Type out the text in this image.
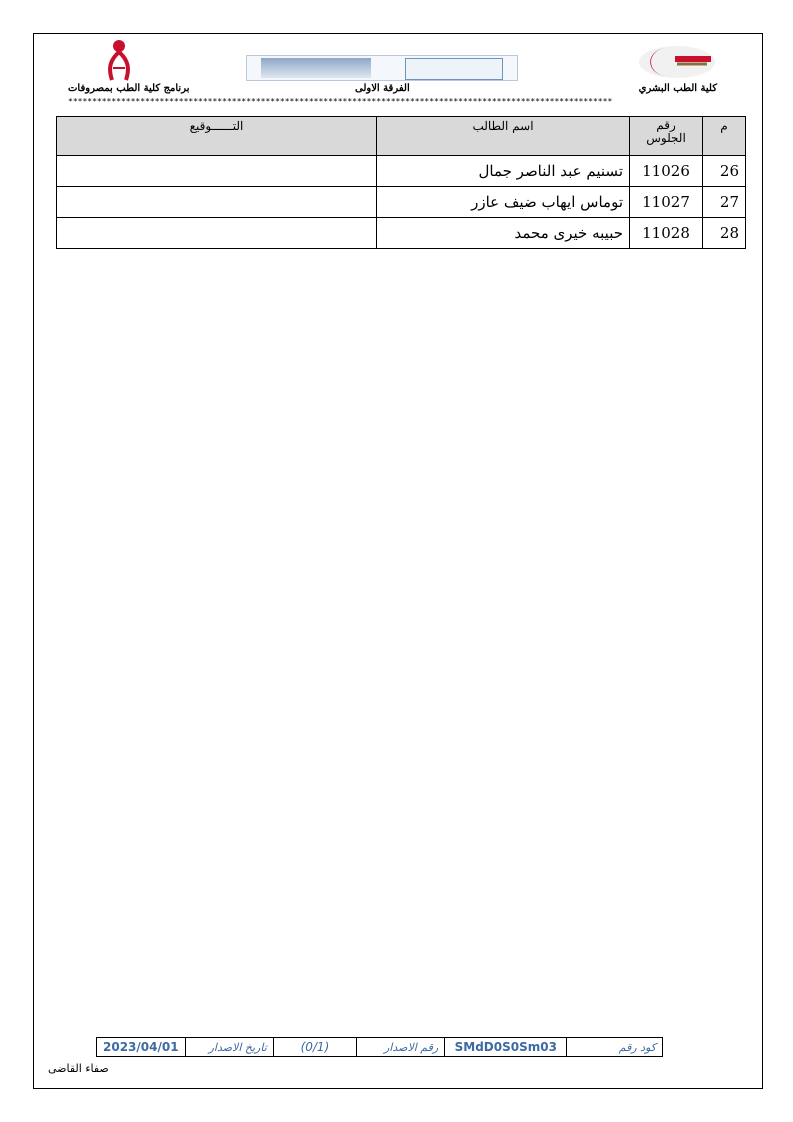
كلية الطب البشري
الفرقة الاولى
برنامج كلية الطب بمصروفات
*****************************************************************************************************************
م	رقم الجلوس	اسم الطالب	التــــــوقيع
26	11026	تسنيم عبد الناصر جمال	
27	11027	توماس ايهاب ضيف عازر	
28	11028	حبيبه خيرى محمد	
كود رقم	SMdD0S0Sm03	رقم الاصدار	(0/1)	تاريخ الاصدار	2023/04/01
صفاء القاضى
